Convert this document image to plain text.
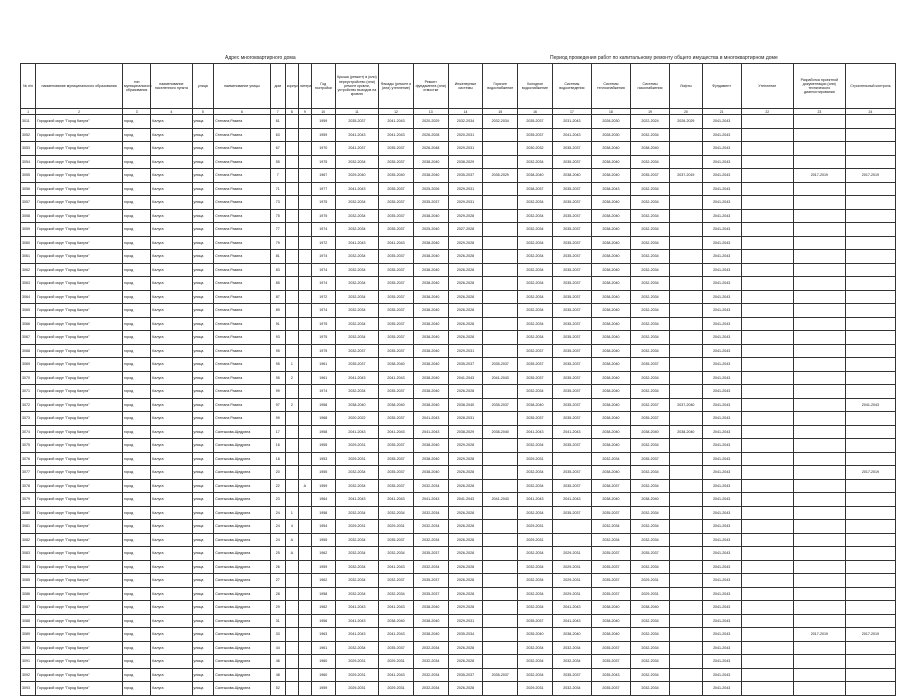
Адрес многоквартирного дома	Период проведения работ по капитальному ремонту общего имущества в многоквартирном доме
№ п/п	наименование муниципального образования	тип муниципального образования	наименование населенного пункта	улица	наименование улицы	дом	корпус	литера	Год постройки	Крыша (ремонт) в (или) переустройство (или) ремонт кровли, устройство выходов на кровлю	Фасады (ремонт и (или) утепление)	Ремонт фундамента (или) отмостки	Инженерные системы	Горячее водоснабжение	Холодное водоснабжение	Системы водоотведения	Системы теплоснабжения	Системы газоснабжения	Лифты	Фундамент	Утепление	Разработка проектной документации (или) технического диагностирования	Строительный контроль
1	2	3	4	5	6	7	8	9	10	11	12	13	14	15	16	17	18	19	20	21	22	23	24
3011	Городской округ "Город Калуга"	город	Калуга	улица	Степана Разина	61			1959	2035-2037	2041-2043	2020-2029	2032-2034	2032-2034	2035-2037	2031-2043	2028-2030	2022-2024	2026-2029	2041-2043			
3052	Городской округ "Город Калуга"	город	Калуга	улица	Степана Разина	63			1959	2041-2043	2041-2043	2026-2028	2020-2031		2035-2037	2041-2043	2028-2030	2032-2034		2041-2043			
3053	Городской округ "Город Калуга"	город	Калуга	улица	Степана Разина	67			1970	2041-2037	2035-2037	2026-2048	2029-2031		2030-2032	2035-2037	2038-2040	2038-2040		2041-2043			
3054	Городской округ "Город Калуга"	город	Калуга	улица	Степана Разина	55			1975	2032-2034	2035-2037	2038-2040	2038-2029		2032-2034	2035-2037	2038-2040	2032-2034		2041-2043			
3055	Городской округ "Город Калуга"	город	Калуга	улица	Степана Разина	7			1967	2029-2040	2035-2040	2038-2040	2035-2037	2035-2029	2038-2040	2038-2040	2038-2040	2035-2037	2037-2019	2041-2043		2017-2019	2017-2019
3056	Городской округ "Город Калуга"	город	Калуга	улица	Степана Разина	71			1977	2041-2043	2035-2037	2025-2026	2029-2031		2038-2037	2035-2037	2038-2043	2032-2034		2041-2043			
3057	Городской округ "Город Калуга"	город	Калуга	улица	Степана Разина	73			1975	2032-2034	2035-2037	2035-2037	2029-2031		2032-2034	2035-2037	2038-2040	2032-2034		2041-2043			
3058	Городской округ "Город Калуга"	город	Калуга	улица	Степана Разина	75			1975	2032-2034	2035-2037	2038-2040	2029-2028		2032-2034	2035-2037	2038-2040	2032-2034		2041-2043			
3059	Городской округ "Город Калуга"	город	Калуга	улица	Степана Разина	77			1974	2032-2034	2035-2037	2025-2040	2027-2028		2032-2034	2035-2037	2038-2040	2032-2034		2041-2043			
3060	Городской округ "Город Калуга"	город	Калуга	улица	Степана Разина	79			1972	2041-2043	2041-2043	2038-2040	2029-2028		2032-2034	2035-2037	2038-2040	2032-2034		2041-2043			
3061	Городской округ "Город Калуга"	город	Калуга	улица	Степана Разина	81			1974	2032-2034	2035-2037	2038-2040	2026-2028		2032-2034	2035-2037	2038-2040	2032-2034		2041-2043			
3062	Городской округ "Город Калуга"	город	Калуга	улица	Степана Разина	83			1974	2032-2034	2035-2037	2038-2040	2026-2028		2032-2034	2035-2037	2038-2040	2032-2034		2041-2043			
3063	Городской округ "Город Калуга"	город	Калуга	улица	Степана Разина	85			1974	2032-2034	2035-2037	2038-2040	2026-2028		2032-2034	2035-2037	2038-2040	2032-2034		2041-2043			
3064	Городской округ "Город Калуга"	город	Калуга	улица	Степана Разина	87			1972	2032-2034	2035-2037	2038-2040	2026-2028		2032-2034	2035-2037	2038-2040	2032-2034		2041-2043			
3065	Городской округ "Город Калуга"	город	Калуга	улица	Степана Разина	89			1974	2032-2034	2035-2037	2038-2040	2026-2028		2032-2034	2035-2037	2038-2040	2032-2034		2041-2043			
3066	Городской округ "Город Калуга"	город	Калуга	улица	Степана Разина	91			1975	2032-2034	2035-2037	2038-2040	2026-2028		2032-2034	2035-2037	2038-2040	2032-2034		2041-2043			
3067	Городской округ "Город Калуга"	город	Калуга	улица	Степана Разина	93			1975	2032-2034	2035-2037	2038-2040	2026-2028		2032-2034	2035-2037	2038-2040	2032-2034		2041-2043			
3068	Городской округ "Город Калуга"	город	Калуга	улица	Степана Разина	95			1975	2032-2037	2035-2037	2038-2040	2029-2031		2032-2037	2035-2037	2038-2040	2032-2034		2041-2043			
3069	Городской округ "Город Калуга"	город	Калуга	улица	Степана Разина	95	1		1961	2035-2037	2038-2040	2038-2040	2035-2037	2035-2037	2035-2037	2035-2037	2038-2040	2035-2037		2041-2043			
3070	Городской округ "Город Калуга"	город	Калуга	улица	Степана Разина	95	2		1961	2041-2043	2041-2043	2038-2040	2041-2043	2041-2043	2035-2037	2035-2037	2038-2040	2032-2034		2041-2043			
3071	Городской округ "Город Калуга"	город	Калуга	улица	Степана Разина	99			1974	2032-2034	2035-2037	2038-2040	2026-2028		2032-2034	2035-2037	2038-2040	2032-2034		2041-2043			
3072	Городской округ "Город Калуга"	город	Калуга	улица	Степана Разина	97	2		1958	2038-2040	2038-2040	2038-2040	2038-2040	2035-2037	2038-2040	2035-2037	2038-2040	2032-2037	2037-2040	2041-2043			2041-2043
3073	Городской округ "Город Калуга"	город	Калуга	улица	Степана Разина	99			1968	2020-2022	2035-2037	2041-2043	2028-2031		2035-2037	2035-2037	2038-2040	2035-2037		2041-2043			
3074	Городской округ "Город Калуга"	город	Калуга	улица	Салтыкова-Щедрина	17			1958	2041-2043	2041-2043	2041-2043	2038-2029	2038-2040	2041-2043	2041-2043	2038-2040	2038-2040	2038-2040	2041-2043			
3075	Городской округ "Город Калуга"	город	Калуга	улица	Салтыкова-Щедрина	16			1955	2029-2031	2035-2037	2038-2040	2029-2028		2032-2034	2035-2037	2038-2040	2032-2034		2041-2043			
3076	Городской округ "Город Калуга"	город	Калуга	улица	Салтыкова-Щедрина	18			1953	2029-2031	2035-2037	2038-2040	2029-2028		2029-2031		2032-2034	2035-2037		2041-2043			
3077	Городской округ "Город Калуга"	город	Калуга	улица	Салтыкова-Щедрина	20			1955	2032-2034	2035-2037	2038-2040	2026-2028		2032-2034	2035-2037	2038-2040	2032-2034		2041-2043			2017-2019
3078	Городской округ "Город Калуга"	город	Калуга	улица	Салтыкова-Щедрина	22		А	1959	2032-2034	2035-2037	2032-2034	2026-2028		2032-2034	2035-2037	2038-2037	2032-2034		2041-2043			
3079	Городской округ "Город Калуга"	город	Калуга	улица	Салтыкова-Щедрина	23			1964	2041-2043	2041-2043	2041-2043	2041-2043	2041-2043	2041-2043	2041-2043	2038-2040	2038-2040		2041-2043			
3080	Городской округ "Город Калуга"	город	Калуга	улица	Салтыкова-Щедрина	24	1		1958	2032-2034	2032-2034	2032-2034	2026-2028		2032-2034	2035-2037	2035-2037	2032-2034		2041-2043			
3081	Городской округ "Город Калуга"	город	Калуга	улица	Салтыкова-Щедрина	24	4		1954	2029-2031	2029-2031	2032-2034	2026-2028		2029-2031		2032-2034	2032-2034		2041-2043			
3082	Городской округ "Город Калуга"	город	Калуга	улица	Салтыкова-Щедрина	24	А		1955	2032-2034	2035-2037	2032-2034	2026-2028		2029-2031		2032-2034	2032-2034		2041-2043			
3083	Городской округ "Город Калуга"	город	Калуга	улица	Салтыкова-Щедрина	25	А		1962	2032-2034	2032-2034	2035-2037	2026-2028		2032-2034	2029-2031	2035-2037	2035-2037		2041-2043			
3084	Городской округ "Город Калуга"	город	Калуга	улица	Салтыкова-Щедрина	26			1959	2032-2034	2041-2043	2032-2034	2026-2028		2032-2034	2029-2031	2035-2037	2032-2034		2041-2043			
3085	Городской округ "Город Калуга"	город	Калуга	улица	Салтыкова-Щедрина	27			1962	2032-2034	2032-2037	2035-2037	2026-2028		2032-2034	2029-2031	2035-2037	2029-2031		2041-2043			
3086	Городской округ "Город Калуга"	город	Калуга	улица	Салтыкова-Щедрина	28			1958	2032-2034	2032-2034	2035-2037	2026-2028		2032-2034	2029-2031	2035-2037	2029-2031		2041-2043			
3087	Городской округ "Город Калуга"	город	Калуга	улица	Салтыкова-Щедрина	29			1962	2041-2043	2041-2043	2038-2040	2029-2028		2032-2034	2041-2043	2038-2040	2038-2040		2041-2043			
3088	Городской округ "Город Калуга"	город	Калуга	улица	Салтыкова-Щедрина	31			1956	2041-2043	2038-2040	2038-2040	2029-2031		2035-2037	2041-2043	2038-2040	2032-2034		2041-2043			
3089	Городской округ "Город Калуга"	город	Калуга	улица	Салтыкова-Щедрина	33			1963	2041-2043	2041-2043	2038-2040	2035-2034		2035-2040	2038-2040	2038-2040	2032-2034		2041-2043		2017-2019	2017-2019
3090	Городской округ "Город Калуга"	город	Калуга	улица	Салтыкова-Щедрина	44			1961	2032-2034	2035-2037	2032-2034	2026-2028		2032-2034	2032-2034	2035-2037	2032-2034		2041-2043			
3091	Городской округ "Город Калуга"	город	Калуга	улица	Салтыкова-Щедрина	46			1960	2029-2031	2029-2031	2032-2034	2026-2028		2032-2034	2032-2034	2035-2037	2032-2034		2041-2043			
3092	Городской округ "Город Калуга"	город	Калуга	улица	Салтыкова-Щедрина	48			1960	2029-2031	2041-2043	2032-2034	2035-2037	2035-2037	2032-2034	2035-2037	2035-2043	2032-2034		2041-2043			
3093	Городской округ "Город Калуга"	город	Калуга	улица	Салтыкова-Щедрина	52			1959	2029-2031	2029-2031	2032-2034	2026-2028		2029-2031	2032-2034	2035-2037	2032-2034		2041-2043			
